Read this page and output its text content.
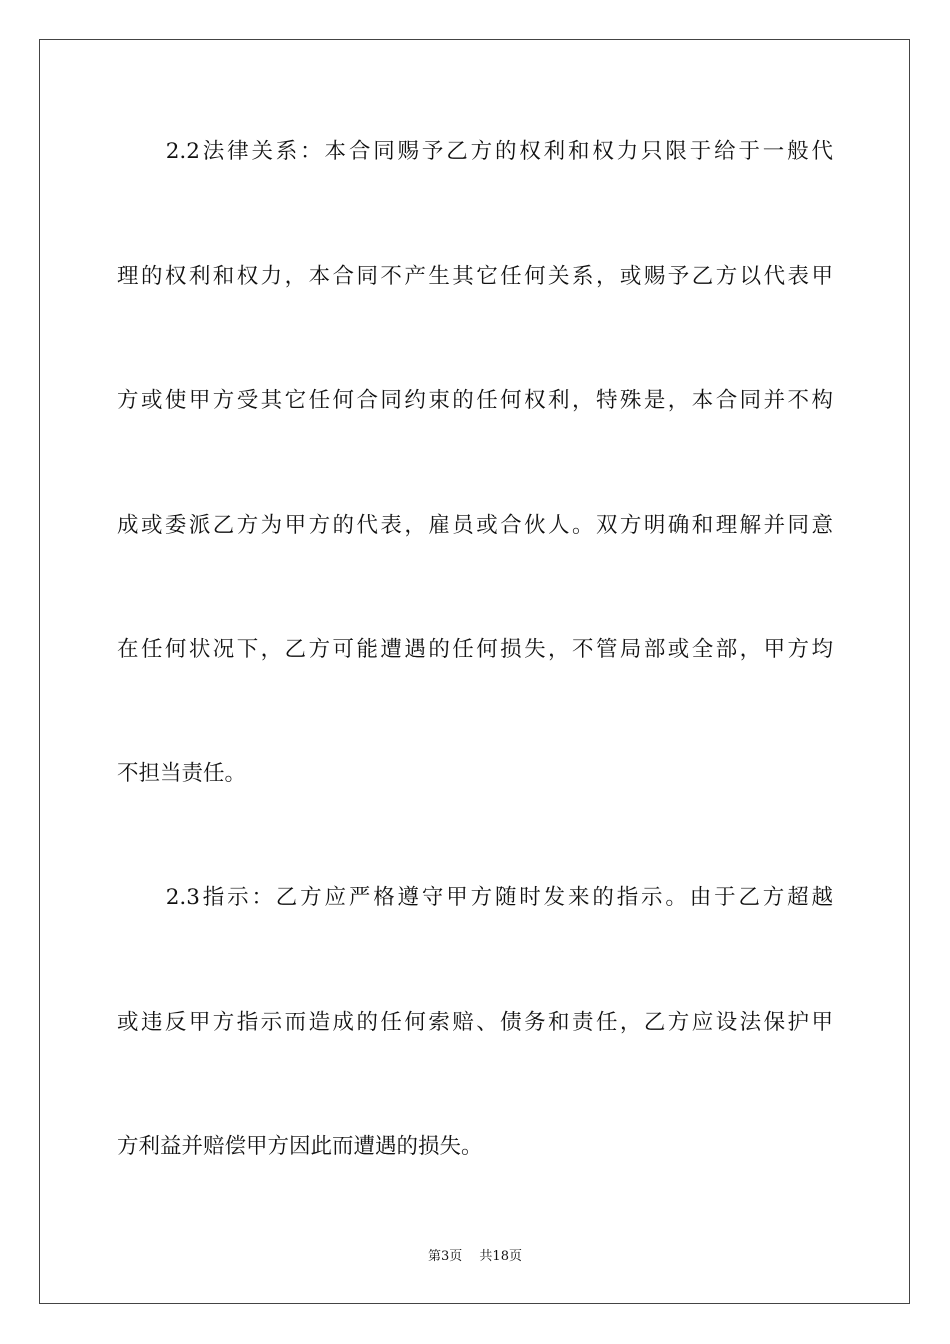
　　2.2法律关系：本合同赐予乙方的权利和权力只限于给于一般代
理的权利和权力，本合同不产生其它任何关系，或赐予乙方以代表甲
方或使甲方受其它任何合同约束的任何权利，特殊是，本合同并不构
成或委派乙方为甲方的代表，雇员或合伙人。双方明确和理解并同意
在任何状况下，乙方可能遭遇的任何损失，不管局部或全部，甲方均
不担当责任。
　　2.3指示：乙方应严格遵守甲方随时发来的指示。由于乙方超越
或违反甲方指示而造成的任何索赔、债务和责任，乙方应设法保护甲
方利益并赔偿甲方因此而遭遇的损失。
第3页　 共18页
